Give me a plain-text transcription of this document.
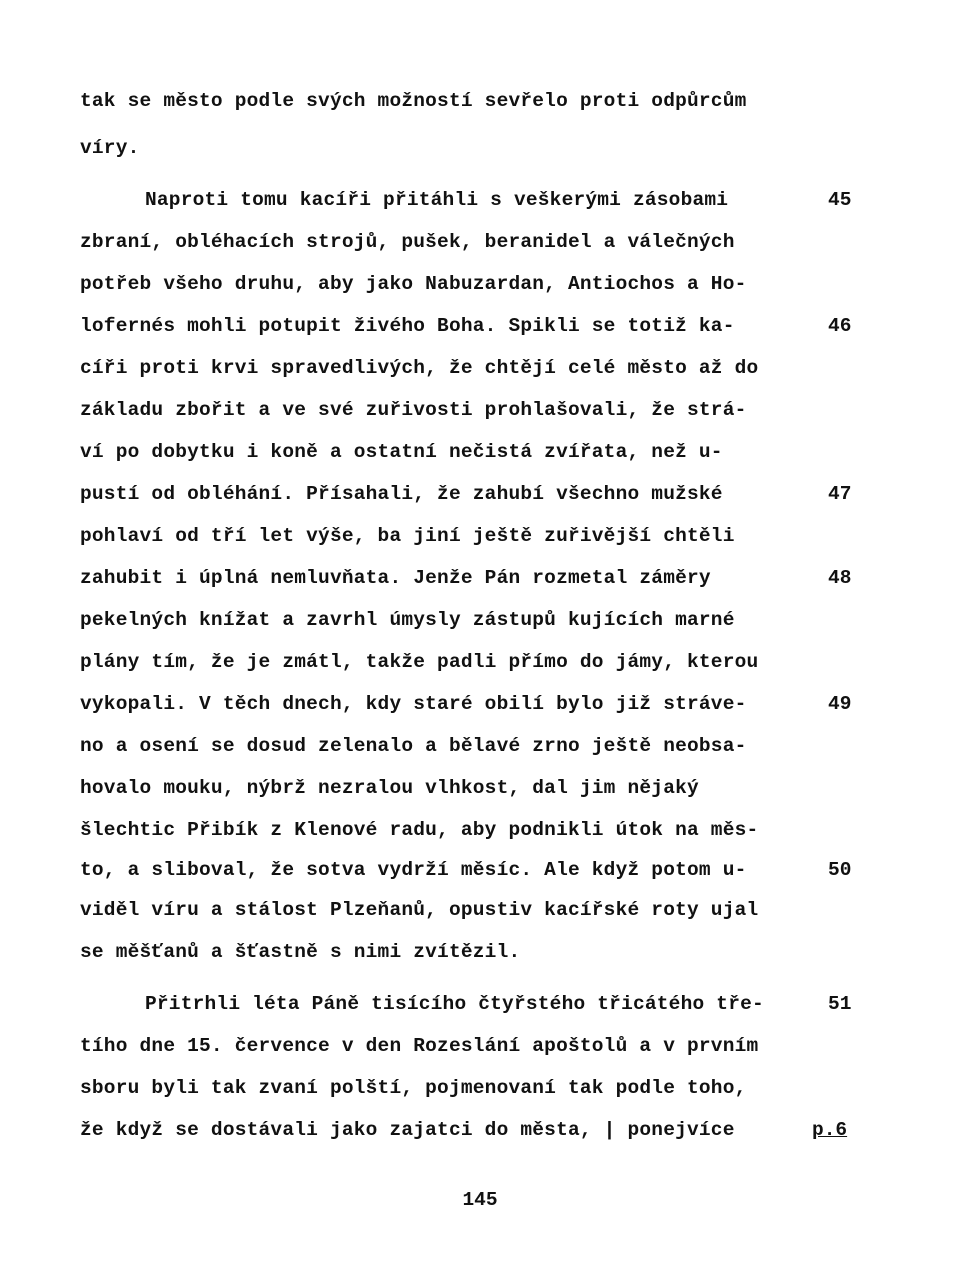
tak se město podle svých možností sevřelo proti odpůrcům
víry.
Naproti tomu kacíři přitáhli s veškerými zásobami	45
zbraní, obléhacích strojů, pušek, beranidel a válečných
potřeb všeho druhu, aby jako Nabuzardan, Antiochos a Ho-
lofernés mohli potupit živého Boha. Spikli se totiž ka-	46
cíři proti krvi spravedlivých, že chtějí celé město až do
základu zbořit a ve své zuřivosti prohlašovali, že strá-
ví po dobytku i koně a ostatní nečistá zvířata, než u-
pustí od obléhání. Přísahali, že zahubí všechno mužské	47
pohlaví od tří let výše, ba jiní ještě zuřivější chtěli
zahubit i úplná nemluvňata. Jenže Pán rozmetal záměry	48
pekelných knížat a zavrhl úmysly zástupů kujících marné
plány tím, že je zmátl, takže padli přímo do jámy, kterou
vykopali. V těch dnech, kdy staré obilí bylo již stráve-	49
no a osení se dosud zelenalo a bělavé zrno ještě neobsa-
hovalo mouku, nýbrž nezralou vlhkost, dal jim nějaký
šlechtic Přibík z Klenové radu, aby podnikli útok na měs-
to, a sliboval, že sotva vydrží měsíc. Ale když potom u-	50
viděl víru a stálost Plzeňanů, opustiv kacířské roty ujal
se měšťanů a šťastně s nimi zvítězil.
Přitrhli léta Páně tisícího čtyřstého třicátého tře-	51
tího dne 15. července v den Rozeslání apoštolů a v prvním
sboru byli tak zvaní polští, pojmenovaní tak podle toho,
že když se dostávali jako zajatci do města, | ponejvíce	p.6
145
